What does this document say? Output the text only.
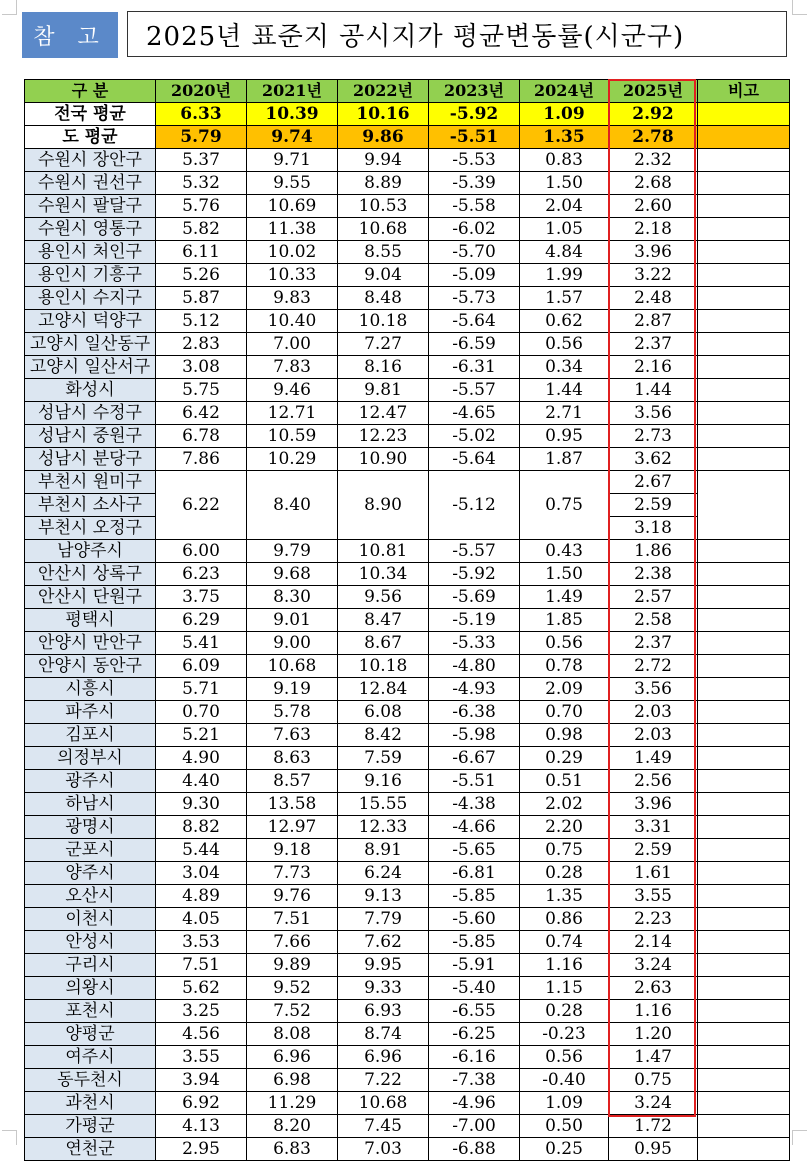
참 고	2025년 표준지 공시지가 평균변동률(시군구)
구 분	2020년	2021년	2022년	2023년	2024년	2025년	비고
전국 평균	6.33	10.39	10.16	-5.92	1.09	2.92	
도 평균	5.79	9.74	9.86	-5.51	1.35	2.78	
수원시 장안구	5.37	9.71	9.94	-5.53	0.83	2.32	
수원시 권선구	5.32	9.55	8.89	-5.39	1.50	2.68	
수원시 팔달구	5.76	10.69	10.53	-5.58	2.04	2.60	
수원시 영통구	5.82	11.38	10.68	-6.02	1.05	2.18	
용인시 처인구	6.11	10.02	8.55	-5.70	4.84	3.96	
용인시 기흥구	5.26	10.33	9.04	-5.09	1.99	3.22	
용인시 수지구	5.87	9.83	8.48	-5.73	1.57	2.48	
고양시 덕양구	5.12	10.40	10.18	-5.64	0.62	2.87	
고양시 일산동구	2.83	7.00	7.27	-6.59	0.56	2.37	
고양시 일산서구	3.08	7.83	8.16	-6.31	0.34	2.16	
화성시	5.75	9.46	9.81	-5.57	1.44	1.44	
성남시 수정구	6.42	12.71	12.47	-4.65	2.71	3.56	
성남시 중원구	6.78	10.59	12.23	-5.02	0.95	2.73	
성남시 분당구	7.86	10.29	10.90	-5.64	1.87	3.62	
부천시 원미구	6.22	8.40	8.90	-5.12	0.75	2.67	
부천시 소사구						2.59	
부천시 오정구						3.18	
남양주시	6.00	9.79	10.81	-5.57	0.43	1.86	
안산시 상록구	6.23	9.68	10.34	-5.92	1.50	2.38	
안산시 단원구	3.75	8.30	9.56	-5.69	1.49	2.57	
평택시	6.29	9.01	8.47	-5.19	1.85	2.58	
안양시 만안구	5.41	9.00	8.67	-5.33	0.56	2.37	
안양시 동안구	6.09	10.68	10.18	-4.80	0.78	2.72	
시흥시	5.71	9.19	12.84	-4.93	2.09	3.56	
파주시	0.70	5.78	6.08	-6.38	0.70	2.03	
김포시	5.21	7.63	8.42	-5.98	0.98	2.03	
의정부시	4.90	8.63	7.59	-6.67	0.29	1.49	
광주시	4.40	8.57	9.16	-5.51	0.51	2.56	
하남시	9.30	13.58	15.55	-4.38	2.02	3.96	
광명시	8.82	12.97	12.33	-4.66	2.20	3.31	
군포시	5.44	9.18	8.91	-5.65	0.75	2.59	
양주시	3.04	7.73	6.24	-6.81	0.28	1.61	
오산시	4.89	9.76	9.13	-5.85	1.35	3.55	
이천시	4.05	7.51	7.79	-5.60	0.86	2.23	
안성시	3.53	7.66	7.62	-5.85	0.74	2.14	
구리시	7.51	9.89	9.95	-5.91	1.16	3.24	
의왕시	5.62	9.52	9.33	-5.40	1.15	2.63	
포천시	3.25	7.52	6.93	-6.55	0.28	1.16	
양평군	4.56	8.08	8.74	-6.25	-0.23	1.20	
여주시	3.55	6.96	6.96	-6.16	0.56	1.47	
동두천시	3.94	6.98	7.22	-7.38	-0.40	0.75	
과천시	6.92	11.29	10.68	-4.96	1.09	3.24	
가평군	4.13	8.20	7.45	-7.00	0.50	1.72	
연천군	2.95	6.83	7.03	-6.88	0.25	0.95	
